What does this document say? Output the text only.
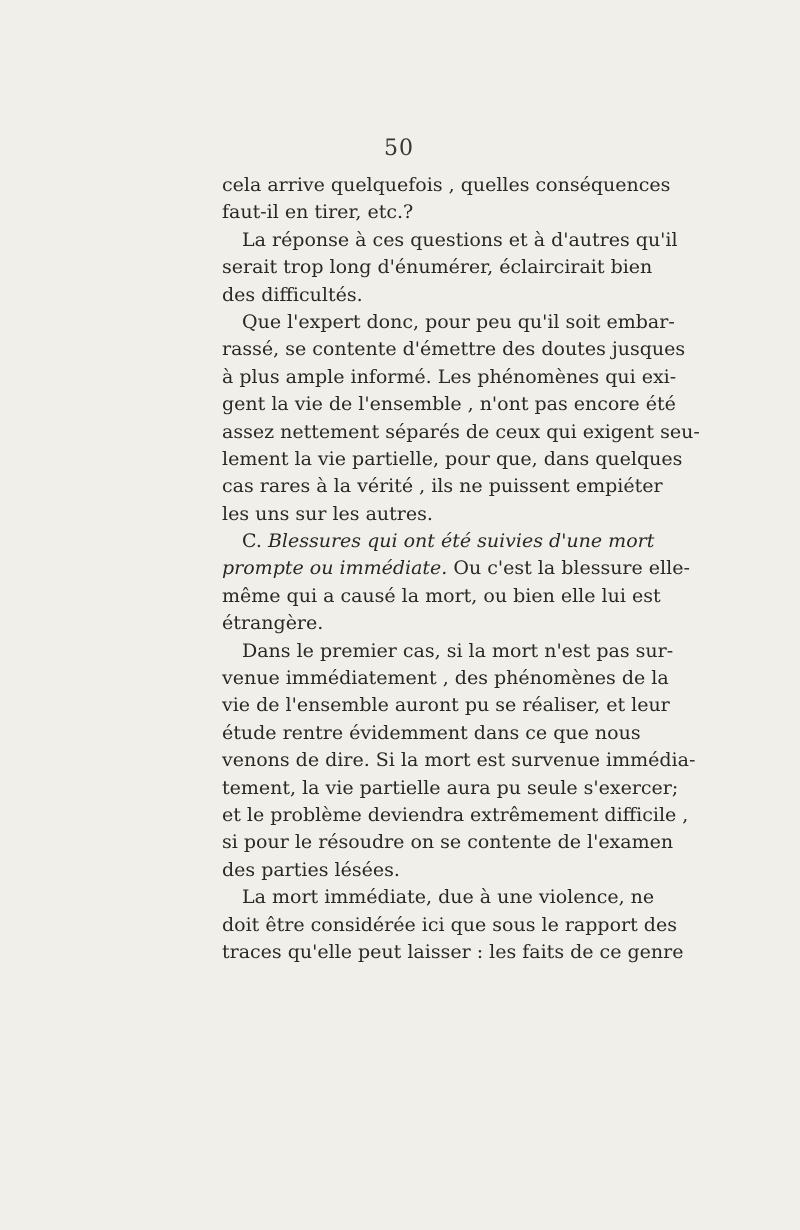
50
cela arrive quelquefois , quelles conséquences
faut-il en tirer, etc.?
La réponse à ces questions et à d'autres qu'il
serait trop long d'énumérer, éclaircirait bien
des difficultés.
Que l'expert donc, pour peu qu'il soit embar-
rassé, se contente d'émettre des doutes jusques
à plus ample informé. Les phénomènes qui exi-
gent la vie de l'ensemble , n'ont pas encore été
assez nettement séparés de ceux qui exigent seu-
lement la vie partielle, pour que, dans quelques
cas rares à la vérité , ils ne puissent empiéter
les uns sur les autres.
C. Blessures qui ont été suivies d'une mort
prompte ou immédiate. Ou c'est la blessure elle-
même qui a causé la mort, ou bien elle lui est
étrangère.
Dans le premier cas, si la mort n'est pas sur-
venue immédiatement , des phénomènes de la
vie de l'ensemble auront pu se réaliser, et leur
étude rentre évidemment dans ce que nous
venons de dire. Si la mort est survenue immédia-
tement, la vie partielle aura pu seule s'exercer;
et le problème deviendra extrêmement difficile ,
si pour le résoudre on se contente de l'examen
des parties lésées.
La mort immédiate, due à une violence, ne
doit être considérée ici que sous le rapport des
traces qu'elle peut laisser : les faits de ce genre
